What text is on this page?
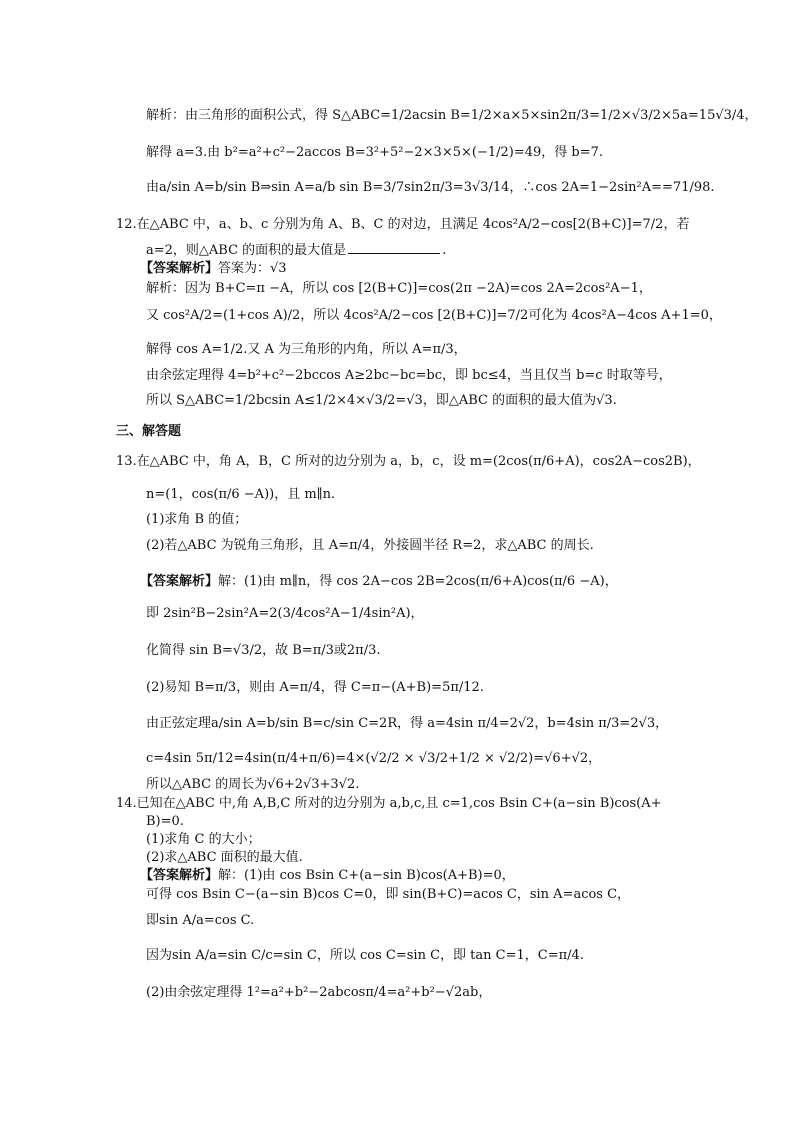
解析：由三角形的面积公式，得 S△ABC=1/2acsin B=1/2×a×5×sin2π/3=1/2×√3/2×5a=15√3/4，
解得 a=3.由 b²=a²+c²−2accos B=3²+5²−2×3×5×(−1/2)=49，得 b=7.
由a/sin A=b/sin B⇒sin A=a/b sin B=3/7sin2π/3=3√3/14，∴cos 2A=1−2sin²A==71/98.
12.在△ABC 中，a、b、c 分别为角 A、B、C 的对边，且满足 4cos²A/2−cos[2(B+C)]=7/2，若
a=2，则△ABC 的面积的最大值是	.
【答案解析】答案为：√3
解析：因为 B+C=π −A，所以 cos [2(B+C)]=cos(2π −2A)=cos 2A=2cos²A−1，
又 cos²A/2=(1+cos A)/2，所以 4cos²A/2−cos [2(B+C)]=7/2可化为 4cos²A−4cos A+1=0，
解得 cos A=1/2.又 A 为三角形的内角，所以 A=π/3，
由余弦定理得 4=b²+c²−2bccos A≥2bc−bc=bc，即 bc≤4，当且仅当 b=c 时取等号，
所以 S△ABC=1/2bcsin A≤1/2×4×√3/2=√3，即△ABC 的面积的最大值为√3.
三、解答题
13.在△ABC 中，角 A，B，C 所对的边分别为 a，b，c，设 m=(2cos(π/6+A)，cos2A−cos2B)，
n=(1，cos(π/6 −A))，且 m∥n.
(1)求角 B 的值；
(2)若△ABC 为锐角三角形，且 A=π/4，外接圆半径 R=2，求△ABC 的周长.
【答案解析】解：(1)由 m∥n，得 cos 2A−cos 2B=2cos(π/6+A)cos(π/6 −A)，
即 2sin²B−2sin²A=2(3/4cos²A−1/4sin²A)，
化简得 sin B=√3/2，故 B=π/3或2π/3.
(2)易知 B=π/3，则由 A=π/4，得 C=π−(A+B)=5π/12.
由正弦定理a/sin A=b/sin B=c/sin C=2R，得 a=4sin π/4=2√2，b=4sin π/3=2√3，
c=4sin 5π/12=4sin(π/4+π/6)=4×(√2/2 × √3/2+1/2 × √2/2)=√6+√2，
所以△ABC 的周长为√6+2√3+3√2.
14.已知在△ABC 中,角 A,B,C 所对的边分别为 a,b,c,且 c=1,cos Bsin C+(a−sin B)cos(A+
B)=0.
(1)求角 C 的大小；
(2)求△ABC 面积的最大值.
【答案解析】解：(1)由 cos Bsin C+(a−sin B)cos(A+B)=0，
可得 cos Bsin C−(a−sin B)cos C=0，即 sin(B+C)=acos C，sin A=acos C，
即sin A/a=cos C.
因为sin A/a=sin C/c=sin C，所以 cos C=sin C，即 tan C=1，C=π/4.
(2)由余弦定理得 1²=a²+b²−2abcosπ/4=a²+b²−√2ab，
